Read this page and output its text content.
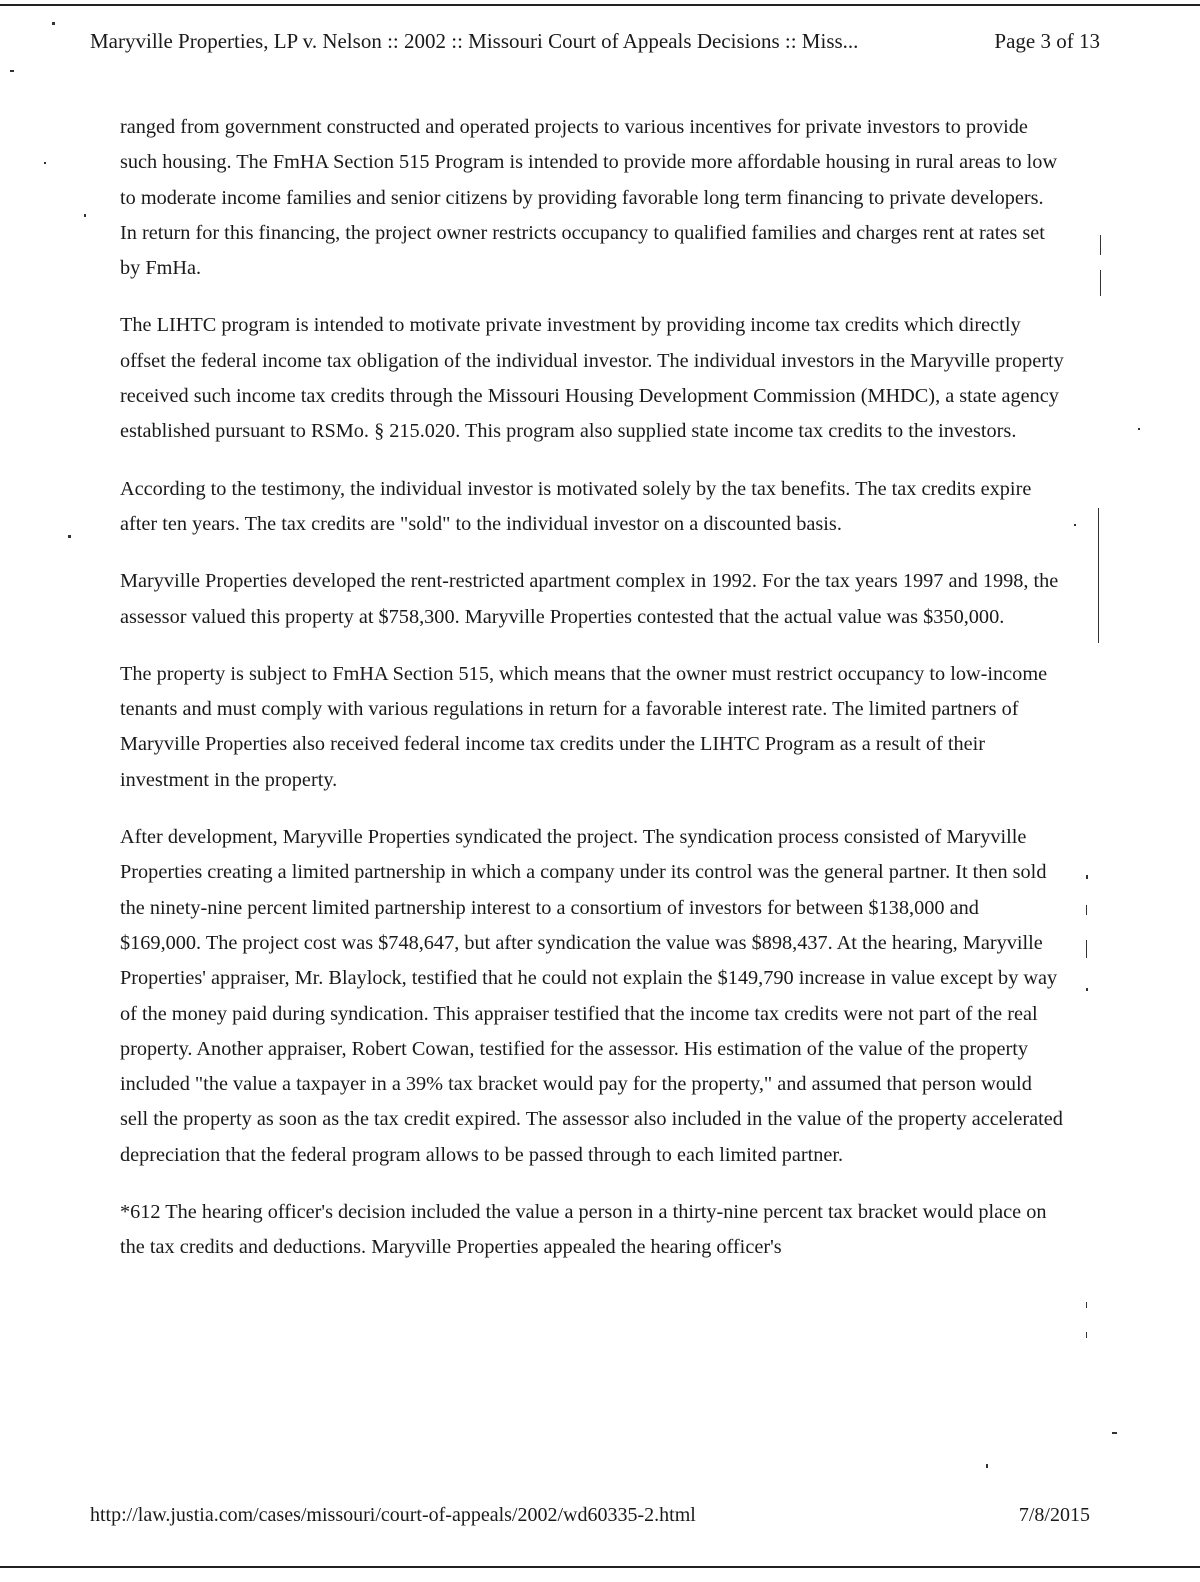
Maryville Properties, LP v. Nelson :: 2002 :: Missouri Court of Appeals Decisions :: Miss...	Page 3 of 13

ranged from government constructed and operated projects to various incentives for private investors to provide such housing. The FmHA Section 515 Program is intended to provide more affordable housing in rural areas to low to moderate income families and senior citizens by providing favorable long term financing to private developers. In return for this financing, the project owner restricts occupancy to qualified families and charges rent at rates set by FmHa.

The LIHTC program is intended to motivate private investment by providing income tax credits which directly offset the federal income tax obligation of the individual investor. The individual investors in the Maryville property received such income tax credits through the Missouri Housing Development Commission (MHDC), a state agency established pursuant to RSMo. § 215.020. This program also supplied state income tax credits to the investors.

According to the testimony, the individual investor is motivated solely by the tax benefits. The tax credits expire after ten years. The tax credits are "sold" to the individual investor on a discounted basis.

Maryville Properties developed the rent-restricted apartment complex in 1992. For the tax years 1997 and 1998, the assessor valued this property at $758,300. Maryville Properties contested that the actual value was $350,000.

The property is subject to FmHA Section 515, which means that the owner must restrict occupancy to low-income tenants and must comply with various regulations in return for a favorable interest rate. The limited partners of Maryville Properties also received federal income tax credits under the LIHTC Program as a result of their investment in the property.

After development, Maryville Properties syndicated the project. The syndication process consisted of Maryville Properties creating a limited partnership in which a company under its control was the general partner. It then sold the ninety-nine percent limited partnership interest to a consortium of investors for between $138,000 and $169,000. The project cost was $748,647, but after syndication the value was $898,437. At the hearing, Maryville Properties' appraiser, Mr. Blaylock, testified that he could not explain the $149,790 increase in value except by way of the money paid during syndication. This appraiser testified that the income tax credits were not part of the real property. Another appraiser, Robert Cowan, testified for the assessor. His estimation of the value of the property included "the value a taxpayer in a 39% tax bracket would pay for the property," and assumed that person would sell the property as soon as the tax credit expired. The assessor also included in the value of the property accelerated depreciation that the federal program allows to be passed through to each limited partner.

*612 The hearing officer's decision included the value a person in a thirty-nine percent tax bracket would place on the tax credits and deductions. Maryville Properties appealed the hearing officer's

http://law.justia.com/cases/missouri/court-of-appeals/2002/wd60335-2.html	7/8/2015
